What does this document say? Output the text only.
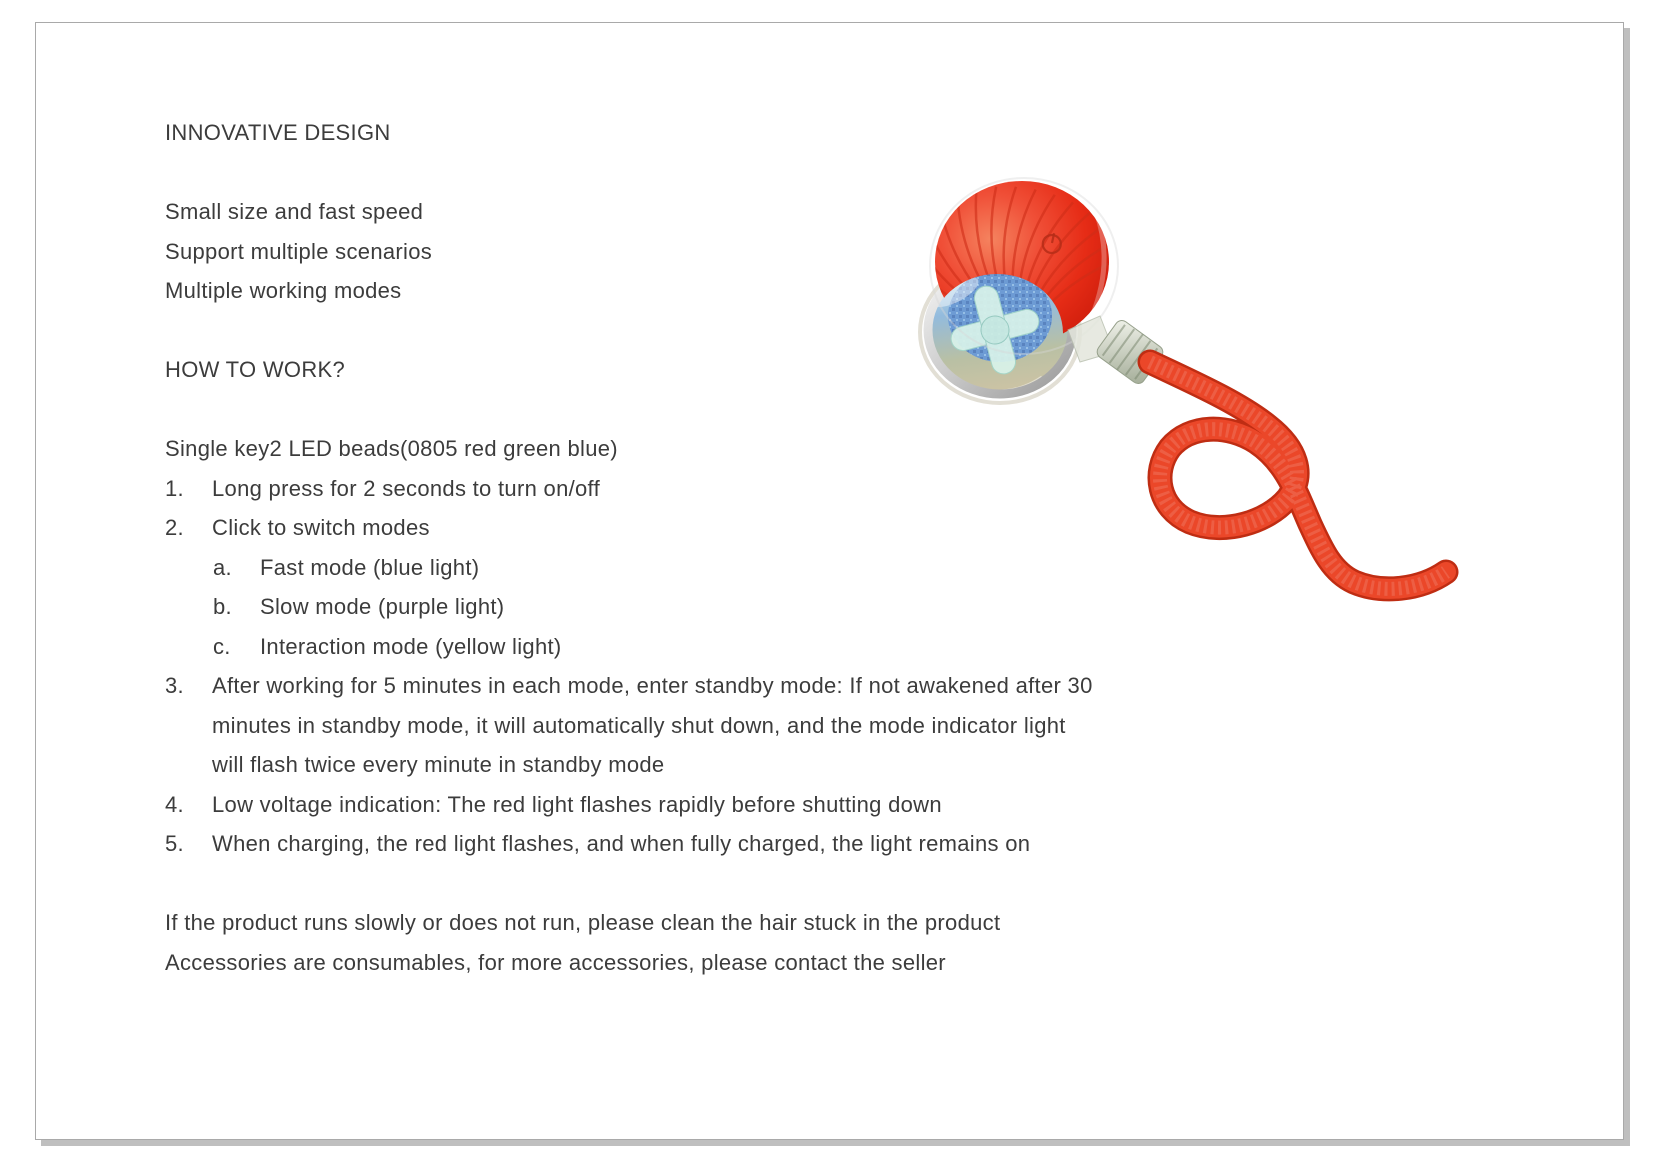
INNOVATIVE DESIGN
Small size and fast speed
Support multiple scenarios
Multiple working modes
HOW TO WORK?
Single key2 LED beads(0805 red green blue)
1. Long press for 2 seconds to turn on/off
2. Click to switch modes
a. Fast mode (blue light)
b. Slow mode (purple light)
c. Interaction mode (yellow light)
3. After working for 5 minutes in each mode, enter standby mode: If not awakened after 30
minutes in standby mode, it will automatically shut down, and the mode indicator light
will flash twice every minute in standby mode
4. Low voltage indication: The red light flashes rapidly before shutting down
5. When charging, the red light flashes, and when fully charged, the light remains on
If the product runs slowly or does not run, please clean the hair stuck in the product
Accessories are consumables, for more accessories, please contact the seller
